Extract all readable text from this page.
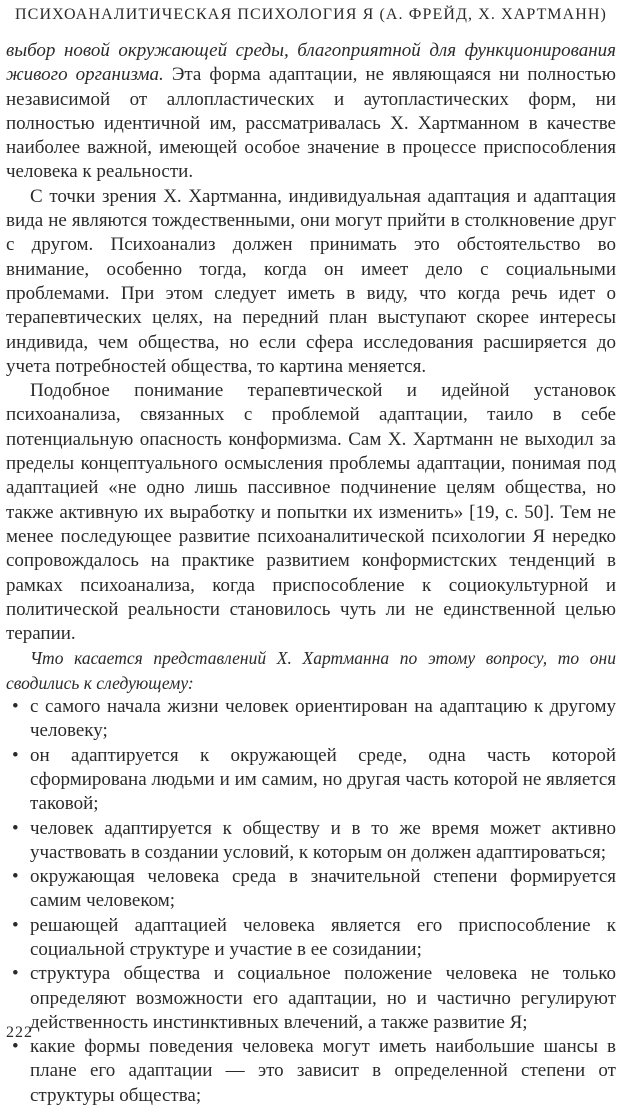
ПСИХОАНАЛИТИЧЕСКАЯ ПСИХОЛОГИЯ Я (А. ФРЕЙД, Х. ХАРТМАНН)

выбор новой окружающей среды, благоприятной для функционирования живого организма. Эта форма адаптации, не являющаяся ни полностью независимой от аллопластических и аутопластических форм, ни полностью идентичной им, рассматривалась Х. Хартманном в качестве наиболее важной, имеющей особое значение в процессе приспособления человека к реальности.

С точки зрения Х. Хартманна, индивидуальная адаптация и адаптация вида не являются тождественными, они могут прийти в столкновение друг с другом. Психоанализ должен принимать это обстоятельство во внимание, особенно тогда, когда он имеет дело с социальными проблемами. При этом следует иметь в виду, что когда речь идет о терапевтических целях, на передний план выступают скорее интересы индивида, чем общества, но если сфера исследования расширяется до учета потребностей общества, то картина меняется.

Подобное понимание терапевтической и идейной установок психоанализа, связанных с проблемой адаптации, таило в себе потенциальную опасность конформизма. Сам Х. Хартманн не выходил за пределы концептуального осмысления проблемы адаптации, понимая под адаптацией «не одно лишь пассивное подчинение целям общества, но также активную их выработку и попытки их изменить» [19, с. 50]. Тем не менее последующее развитие психоаналитической психологии Я нередко сопровождалось на практике развитием конформистских тенденций в рамках психоанализа, когда приспособление к социокультурной и политической реальности становилось чуть ли не единственной целью терапии.

Что касается представлений Х. Хартманна по этому вопросу, то они сводились к следующему:

• с самого начала жизни человек ориентирован на адаптацию к другому человеку;
• он адаптируется к окружающей среде, одна часть которой сформирована людьми и им самим, но другая часть которой не является таковой;
• человек адаптируется к обществу и в то же время может активно участвовать в создании условий, к которым он должен адаптироваться;
• окружающая человека среда в значительной степени формируется самим человеком;
• решающей адаптацией человека является его приспособление к социальной структуре и участие в ее созидании;
• структура общества и социальное положение человека не только определяют возможности его адаптации, но и частично регулируют действенность инстинктивных влечений, а также развитие Я;
• какие формы поведения человека могут иметь наибольшие шансы в плане его адаптации — это зависит в определенной степени от структуры общества;
222
